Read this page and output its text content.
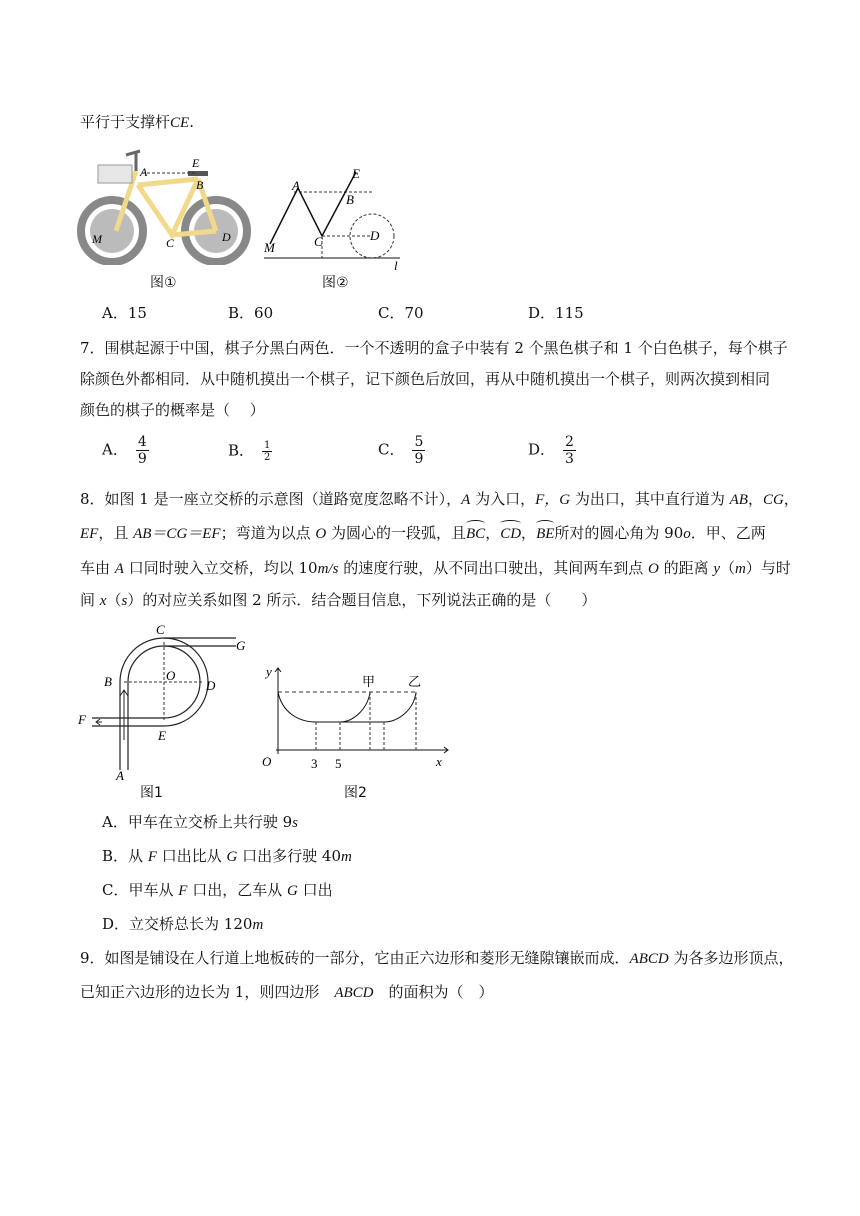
平行于支撑杆CE.
A
E
B
C	D
M
图①
A
E
B
C	D
M
l
图②
A．15	B．60	C．70	D．115
7．围棋起源于中国，棋子分黑白两色．一个不透明的盒子中装有 2 个黑色棋子和 1 个白色棋子，每个棋子
除颜色外都相同．从中随机摸出一个棋子，记下颜色后放回，再从中随机摸出一个棋子，则两次摸到相同
颜色的棋子的概率是（　 ）
A． $\frac{4}{9}$	B． $\frac{1}{2}$	C． $\frac{5}{9}$	D． $\frac{2}{3}$
8．如图 1 是一座立交桥的示意图（道路宽度忽略不计），A 为入口，F，G 为出口，其中直行道为 AB，CG，
EF，且 AB＝CG＝EF；弯道为以点 O 为圆心的一段弧，且BC，CD，BE所对的圆心角为 90o．甲、乙两
车由 A 口同时驶入立交桥，均以 10m/s 的速度行驶，从不同出口驶出，其间两车到点 O 的距离 y（m）与时
间 x（s）的对应关系如图 2 所示．结合题目信息，下列说法正确的是（　　）
C
G
B	O
D
F
E
A
图1
y
x
O	3 5
甲	乙
图2
A．甲车在立交桥上共行驶 9s
B．从 F 口出比从 G 口出多行驶 40m
C．甲车从 F 口出，乙车从 G 口出
D．立交桥总长为 120m
9．如图是铺设在人行道上地板砖的一部分，它由正六边形和菱形无缝隙镶嵌而成．ABCD 为各多边形顶点，
已知正六边形的边长为 1，则四边形　ABCD　的面积为（　）
